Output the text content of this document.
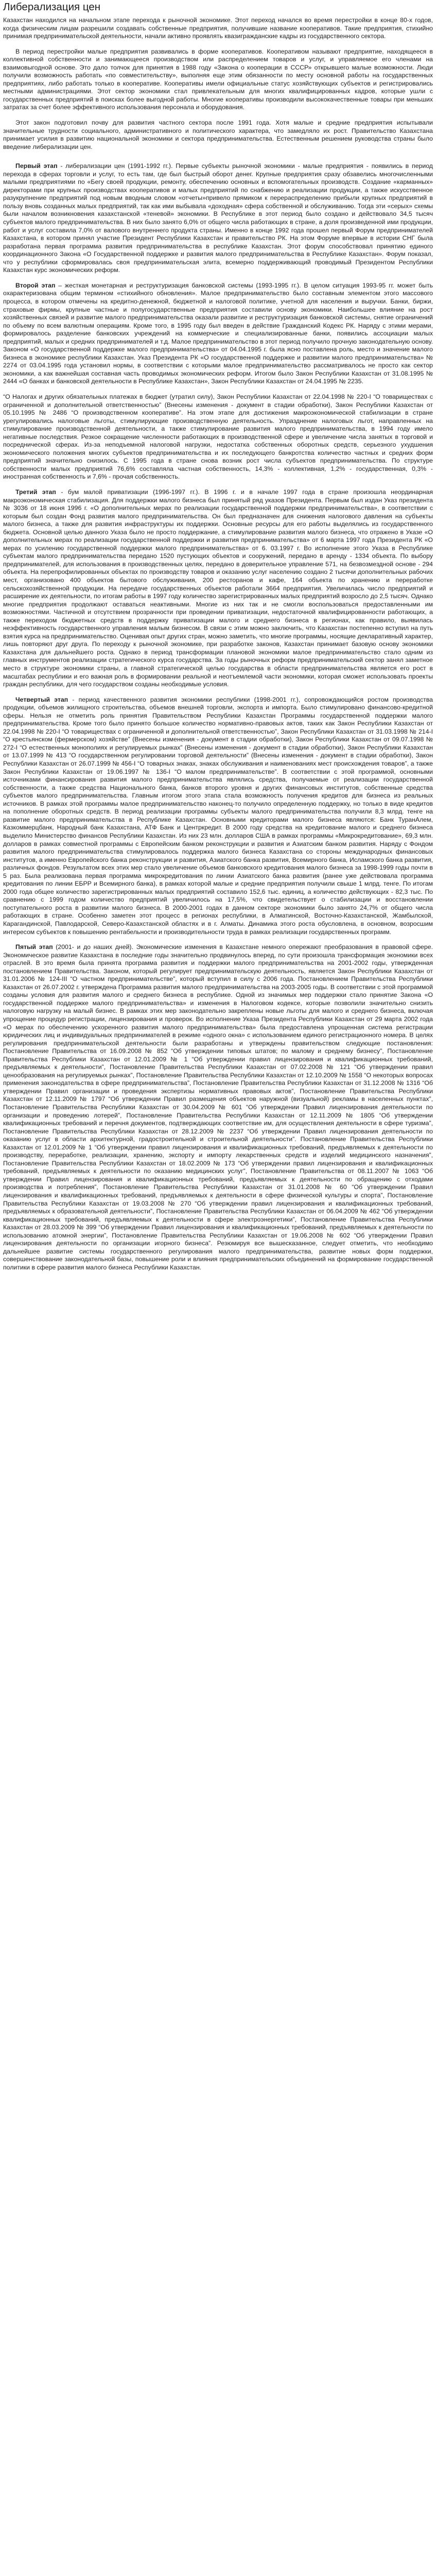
Либерализация цен
Казахстан находился на начальном этапе перехода к рыночной экономике. Этот переход начался во время перестройки в конце 80-х годов, когда физическим лицам разрешили создавать собственные предприятия, получившие название кооперативов. Такие предприятия, стихийно принимая предпринимательской деятельности, начали активно проявлять квазигражданские кадры из государственного сектора.
В период перестройки малые предприятия развивались в форме кооперативов. Кооперативом называют предприятие, находящееся в коллективной собственности и занимающееся производством или распределением товаров и услуг, и управляемое его членами на взаимовыгодной основе. Это дало толчок для принятия в 1988 году «Закона о кооперации в СССР» открывшего малые возможности. Люди получили возможность работать «по совместительству», выполняя еще этим обязанности по месту основной работы на государственных предприятиях, либо работать только в кооперативе. Кооперативы имели официальные статус хозяйствующих субъектов и регистрировались местными администрациями. Этот сектор экономики стал привлекательным для многих квалифицированных кадров, которые ушли с государственных предприятий в поисках более выгодной работы. Многие кооперативы производили высококачественные товары при меньших затратах за счет более эффективного использования персонала и оборудования.
Этот закон подготовил почву для развития частного сектора после 1991 года. Хотя малые и средние предприятия испытывали значительные трудности социального, административного и политического характера, что замедляло их рост. Правительство Казахстана принимает усилия в развитию национальной экономики и сектора предпринимательства. Естественным решением руководства страны было введение либерализации цен.
Первый этап - либерализации цен (1991-1992 гг.). Первые субъекты рыночной экономики - малые предприятия - появились в период перехода в сферах торговли и услуг, то есть там, где был быстрый оборот денег. Крупные предприятия сразу обзавелись многочисленными малыми предприятиями по «Бегу своей продукции, ремонту, обеспечению основных и вспомогательных производств. Создание «карманных» директорами при крупных производствах кооперативов и малых предприятий по снабжению и реализации продукции, а также искусственное разукрупнение предприятий под новым вводным словом «отчеты»привело прямиком к перераспределению прибыли крупных предприятий в пользу вновь созданных малых предприятий, так как ими выбывала «доходная» сфера собственной и обслуживанию. Тогда эти «серых» схемы были началом возникновения казахстанской «теневой» экономики. В Республике в этот период было создано и действовало 34,5 тысяч субъектов малого предпринимательства. В них было занято 6,0% от общего числа работающих в стране, а доля произведенной ими продукции, работ и услуг составила 7,0% от валового внутреннего продукта страны. Именно в конце 1992 года прошел первый Форум предпринимателей Казахстана, в котором принял участие Президент Республики Казахстан и правительство РК. На этом Форуме впервые в истории СНГ была разработана первая программа развития предпринимательства в республике Казахстан. Этот форум способствовал принятию единого координационного Закона «О Государственной поддержке и развития малого предпринимательства в Республике Казахстан». Форум показал, что у республики сформировалась своя предпринимательская элита, всемерно поддерживающий проводимый Президентом Республики Казахстан курс экономических реформ.
Второй этап – жесткая монетарная и реструктуризация банковской системы (1993-1995 гг.). В целом ситуация 1993-95 гг. может быть охарактеризована общим термином «стихийного обновления». Малое предпринимательство было составным элементом этого массового процесса, в котором отмечены на кредитно-денежной, бюджетной и налоговой политике, учетной для населения и выручки. Банки, биржи, страховые фирмы, крупные частные и полугосударственные предприятия составили основу экономики. Наибольшее влияние на рост хозяйственных связей и развитие малого предпринимательства оказали развитие и реструктуризация банковской системы, снятие ограничений по объему по всем валютным операциям. Кроме того, в 1995 году был введен в действие Гражданский Кодекс РК. Наряду с этими мерами, формировалось разделение банковских учреждений на коммерческие и специализированные банки, появились ассоциации малых предприятий, малых и средних предпринимателей и т.д. Малое предпринимательство в этот период получило прочную законодательную основу. Законом «О государственной поддержке малого предпринимательства» от 04.04.1995 г. была ясно поставлена роль, место и значение малого бизнеса в экономике республики Казахстан. Указ Президента РК «О государственной поддержке и развитии малого предпринимательства» № 2274 от 03.04.1995 года установил нормы, в соответствии с которыми малое предпринимательство рассматривалось не просто как сектор экономики, а как важнейшая составная часть проводимых экономических реформ. Итогом было Закон Республики Казахстан от 31.08.1995 № 2444 «О банках и банковской деятельности в Республике Казахстан», Закон Республики Казахстан от 24.04.1995 № 2235.
“О Налогах и других обязательных платежах в бюджет (утратил силу), Закон Республики Казахстан от 22.04.1998 № 220-I “О товариществах с ограниченной и дополнительной ответственностью” (Внесены изменения - документ в стадии обработки), Закон Республики Казахстан от 05.10.1995 № 2486 “О производственном кооперативе”. На этом этапе для достижения макроэкономической стабилизации в стране урегулировались налоговые льготы, стимулирующие производственную деятельность. Упразднение налоговых льгот, направленных на стимулирование производственной деятельности, а также стимулирование развития малого предпринимательства, в 1994 году имело негативные последствия. Резкое сокращение численности работающих в производственной сфере и увеличение числа занятых в торговой и посреднической сферах. Из-за неподъемной налоговой нагрузки, недостатка собственных оборотных средств, серьезного ухудшения экономического положения многих субъектов предпринимательства и их последующего банкротства количество частных и средних форм предприятий значительно снизилось. С 1995 года в стране снова возник рост числа субъектов предпринимательства. По структуре собственности малых предприятий 76,6% составляла частная собственность, 14,3% - коллективная, 1,2% - государственная, 0,3% - иностранная собственность и 7,6% - прочая собственность.
Третий этап - бум малой приватизации (1996-1997 гг.). В 1996 г. и в начале 1997 года в стране произошла неординарная макроэкономическая стабилизация. Для поддержки малого бизнеса был принятый ряд указов Президента. Первым был издан Указ президента № 3036 от 18 июня 1996 г. «О дополнительных мерах по реализации государственной поддержки предпринимательства», в соответствии с которым был создан Фонд развития малого предпринимательства. Он был предназначен для снижения налогового давления на субъекты малого бизнеса, а также для развития инфраструктуры их поддержки. Основные ресурсы для его работы выделялись из государственного бюджета. Основной целью данного Указа было не просто поддержание, а стимулирование развития малого бизнеса, что отражено в Указе «О дополнительных мерах по реализации государственной поддержки и развития предпринимательства» от 6 марта 1997 года Президента РК «О мерах по усилению государственной поддержки малого предпринимательства» от 6. 03.1997 г. Во исполнение этого Указа в Республике субъектам малого предпринимательства передано 1520 пустующих объектов и сооружений, передано в аренду - 1334 объекта. По выбору предпринимателей, для использования в производственных целях, передано в доверительное управление 571, на безвозмездной основе - 294 объекта. На перепрофилированных объектах по производству товаров и оказанию услуг населению создано 2 тысячи дополнительных рабочих мест, организовано 400 объектов бытового обслуживания, 200 ресторанов и кафе, 164 объекта по хранению и переработке сельскохозяйственной продукции. На передаче государственных объектов работали 3664 предприятия. Увеличилась число предприятий и расширение их деятельности, по итогам работы в 1997 году количество зарегистрированных малых предприятий возросло до 2,5 тысяч. Однако многие предприятия продолжают оставаться неактивными. Многие из них так и не смогли воспользоваться предоставленными им возможностями. Частичной и отсутствием прозрачности при проведении приватизации, недостаточной квалифицированности работающих, а также переходом бюджетных средств в поддержку приватизации малого и среднего бизнеса в регионах, как правило, выявилась неэффективность государственного управления малым бизнесом. В связи с этим можно заключить, что Казахстан постепенно вступил на путь взятия курса на предпринимательство. Оценивая опыт других стран, можно заметить, что многие программы, носящие декларативный характер, лишь повторяют друг друга. По переходу к рыночной экономике, при разработке законов, Казахстан принимает базовую основу экономики Казахстана для дальнейшего роста. Однако в период трансформации плановой экономики малое предпринимательство стало одним из главных инструментов реализации стратегического курса государства. За годы рыночных реформ предпринимательский сектор занял заметное место в структуре экономики страны, а главной стратегической целью государства в области предпринимательства является его рост в масштабах республики и его важная роль в формировании реальной и неотъемлемой части экономики, которая сможет использовать проекты граждан республики, для чего государством созданы необходимые условия.
Четвертый этап - период качественного развития экономики республики (1998-2001 гг.), сопровождающийся ростом производства продукции, объемов жилищного строительства, объемов внешней торговли, экспорта и импорта. Было стимулировано финансово-кредитной сферы. Нельзя не отметить роль принятия Правительством Республики Казахстан Программы государственной поддержки малого предпринимательства. Кроме того было принято большое количество нормативно-правовых актов, таких как Закон Республики Казахстан от 22.04.1998 № 220-I “О товариществах с ограниченной и дополнительной ответственностью”, Закон Республики Казахстан от 31.03.1998 № 214-I “О крестьянском (фермерском) хозяйстве” (Внесены изменения - документ в стадии обработки), Закон Республики Казахстан от 09.07.1998 № 272-I “О естественных монополиях и регулируемых рынках” (Внесены изменения - документ в стадии обработки), Закон Республики Казахстан от 13.07.1999 № 413 “О государственном регулировании торговой деятельности” (Внесены изменения - документ в стадии обработки), Закон Республики Казахстан от 26.07.1999 № 456-I “О товарных знаках, знаках обслуживания и наименованиях мест происхождения товаров”, а также Закон Республики Казахстан от 19.06.1997 № 136-I “О малом предпринимательстве”. В соответствии с этой программой, основными источниками финансирования развития малого предпринимательства являлись средства, получаемые от реализации государственной собственности, а также средства Национального банка, банков второго уровня и других финансовых институтов, собственные средства субъектов малого предпринимательства. Главным итогом этого этапа стала возможность получения кредитов для бизнеса из реальных источников. В рамках этой программы малое предпринимательство наконец-то получило определенную поддержку, но только в виде кредитов на пополнение оборотных средств. В период реализации программы субъекты малого предпринимательства получили 8,3 млрд. тенге на развитие малого предпринимательства в Республике Казахстан. Основными кредиторами малого бизнеса являются: Банк ТуранАлем, Казкоммерцбанк, Народный банк Казахстана, АТФ Банк и Центркредит. В 2000 году средства на кредитование малого и среднего бизнеса выделило Министерство финансов Республики Казахстан. Из них 23 млн. долларов США в рамках программы «Микрокредитование», 69,3 млн. долларов в рамках совместной программы с Европейским банком реконструкции и развития и Азиатским банком развития. Наряду с Фондом развития малого предпринимательства стимулировалось поддержка малого бизнеса Казахстана со стороны международных финансовых институтов, а именно Европейского банка реконструкции и развития, Азиатского банка развития, Всемирного банка, Исламского банка развития, различных фондов. Результатом всех этих мер стало увеличение объемов банковского кредитования малого бизнеса за 1998-1999 годы почти в 5 раз. Была реализована первая программа микрокредитования по линии Азиатского банка развития (ранее уже действовала программа кредитования по линии ЕБРР и Всемирного банка), в рамках которой малые и средние предприятия получили свыше 1 млрд. тенге. По итогам 2000 года общее количество зарегистрированных малых предприятий составило 152,6 тыс. единиц, а количество действующих - 82,3 тыс. По сравнению с 1999 годом количество предприятий увеличилось на 17,5%, что свидетельствует о стабилизации и восстановлении поступательного роста в развитии малого бизнеса. В 2000-2001 годах в данном секторе экономики было занято 24,7% от общего числа работающих в стране. Особенно заметен этот процесс в регионах республики, в Алматинской, Восточно-Казахстанской, Жамбылской, Карагандинской, Павлодарской, Северо-Казахстанской областях и в г. Алматы. Динамика этого роста обусловлена, в основном, возросшим интересом субъектов к повышению рентабельности и производительности труда в рамках реализации государственных программ.
Пятый этап (2001- и до наших дней). Экономические изменения в Казахстане немного опережают преобразования в правовой сфере. Экономическое развитие Казахстана в последние годы значительно продвинулось вперед, по сути произошла трансформация экономики всех отраслей. В это время была принята программа развития и поддержки малого предпринимательства на 2001-2002 годы, утвержденная постановлением Правительства. Законом, который регулирует предпринимательскую деятельность, является Закон Республики Казахстан от 31.01.2006 № 124-III “О частном предпринимательстве”, который вступил в силу с 2006 года. Постановлением Правительства Республики Казахстан от 26.07.2002 г. утверждена Программа развития малого предпринимательства на 2003-2005 годы. В соответствии с этой программой созданы условия для развития малого и среднего бизнеса в республике. Одной из значимых мер поддержки стало принятие Закона «О государственной поддержке малого предпринимательства» и изменения в Налоговом кодексе, которые позволили значительно снизить налоговую нагрузку на малый бизнес. В рамках этих мер законодательно закреплены новые льготы для малого и среднего бизнеса, включая упрощение процедур регистрации, лицензирования и проверок. Во исполнение Указа Президента Республики Казахстан от 29 марта 2002 года «О мерах по обеспечению ускоренного развития малого предпринимательства» была предоставлена упрощенная система регистрации юридических лиц и индивидуальных предпринимателей в режиме «одного окна» с использованием единого регистрационного номера. В целях регулирования предпринимательской деятельности были разработаны и утверждены правительством следующие постановления: Постановление Правительства от 16.09.2008 № 852 “Об утверждении типовых штатов; по малому и среднему бизнесу”, Постановление Правительства Республики Казахстан от 12.01.2009 № 1 “Об утверждении правил лицензирования и квалификационных требований, предъявляемых к деятельности”, Постановление Правительства Республики Казахстан от 07.02.2008 № 121 “Об утверждении правил ценообразования на регулируемых рынках”, Постановление Правительства Республики Казахстан от 12.10.2009 № 1558 “О некоторых вопросах применения законодательства в сфере предпринимательства”, Постановление Правительства Республики Казахстан от 31.12.2008 № 1316 “Об утверждении Правил организации и проведения экспертизы нормативных правовых актов”, Постановление Правительства Республики Казахстан от 12.11.2009 № 1797 “Об утверждении Правил размещения объектов наружной (визуальной) рекламы в населенных пунктах”, Постановление Правительства Республики Казахстан от 30.04.2009 № 601 “Об утверждении Правил лицензирования деятельности по организации и проведению лотерей”, Постановление Правительства Республики Казахстан от 12.11.2009 № 1805 “Об утверждении квалификационных требований и перечня документов, подтверждающих соответствие им, для осуществления деятельности в сфере туризма”, Постановление Правительства Республики Казахстан от 28.12.2009 № 2237 “Об утверждении Правил лицензирования деятельности по оказанию услуг в области архитектурной, градостроительной и строительной деятельности”. Постановление Правительства Республики Казахстан от 12.01.2009 № 1 “Об утверждении правил лицензирования и квалификационных требований, предъявляемых к деятельности по производству, переработке, реализации, хранению, экспорту и импорту лекарственных средств и изделий медицинского назначения”, Постановление Правительства Республики Казахстан от 18.02.2009 № 173 “Об утверждении правил лицензирования и квалификационных требований, предъявляемых к деятельности по оказанию медицинских услуг”, Постановление Правительства от 08.11.2007 № 1063 “Об утверждении Правил лицензирования и квалификационных требований, предъявляемых к деятельности по обращению с отходами производства и потребления”, Постановление Правительства Республики Казахстан от 31.01.2008 № 60 “Об утверждении Правил лицензирования и квалификационных требований, предъявляемых к деятельности в сфере физической культуры и спорта”, Постановление Правительства Республики Казахстан от 19.03.2008 № 270 “Об утверждении правил лицензирования и квалификационных требований, предъявляемых к образовательной деятельности”, Постановление Правительства Республики Казахстан от 06.04.2009 № 462 “Об утверждении квалификационных требований, предъявляемых к деятельности в сфере электроэнергетики”, Постановление Правительства Республики Казахстан от 28.03.2009 № 399 “Об утверждении Правил лицензирования и квалификационных требований, предъявляемых к деятельности по использованию атомной энергии”, Постановление Правительства Республики Казахстан от 19.06.2008 № 602 “Об утверждении Правил лицензирования деятельности по организации игорного бизнеса”. Резюмируя все вышесказанное, следует отметить, что необходимо дальнейшее развитие системы государственного регулирования малого предпринимательства, развитие новых форм поддержки, совершенствование законодательной базы, повышение роли и влияния предпринимательских объединений на формирование государственной политики в сфере развития малого бизнеса Республики Казахстан.
